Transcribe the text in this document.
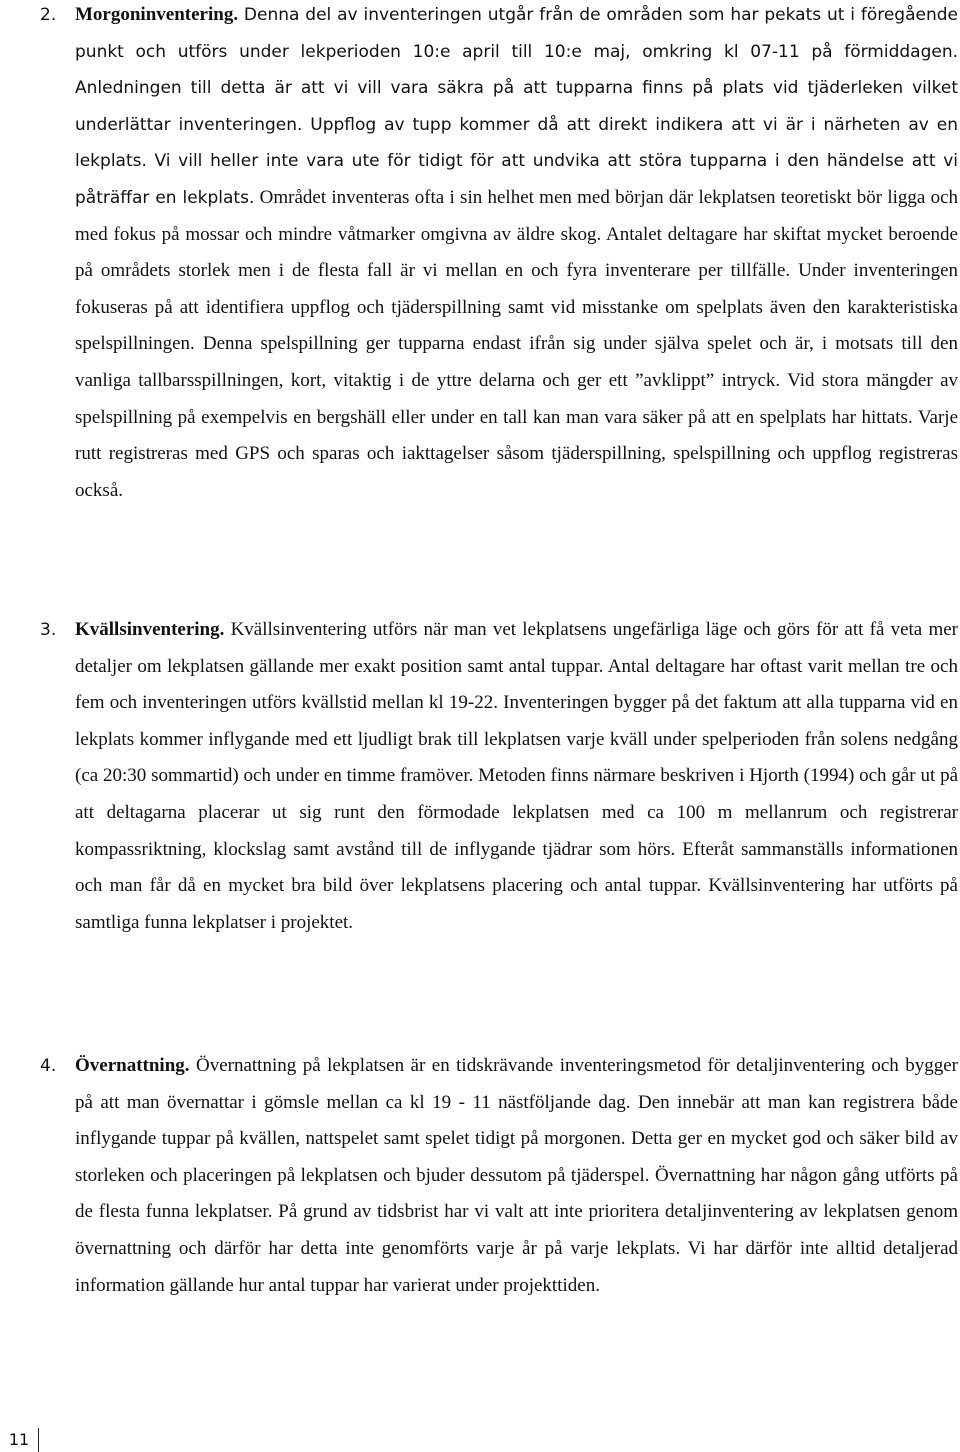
2. Morgoninventering. Denna del av inventeringen utgår från de områden som har pekats ut i föregående punkt och utförs under lekperioden 10:e april till 10:e maj, omkring kl 07-11 på förmiddagen. Anledningen till detta är att vi vill vara säkra på att tupparna finns på plats vid tjäderleken vilket underlättar inventeringen. Uppflog av tupp kommer då att direkt indikera att vi är i närheten av en lekplats. Vi vill heller inte vara ute för tidigt för att undvika att störa tupparna i den händelse att vi påträffar en lekplats. Området inventeras ofta i sin helhet men med början där lekplatsen teoretiskt bör ligga och med fokus på mossar och mindre våtmarker omgivna av äldre skog. Antalet deltagare har skiftat mycket beroende på områdets storlek men i de flesta fall är vi mellan en och fyra inventerare per tillfälle. Under inventeringen fokuseras på att identifiera uppflog och tjäderspillning samt vid misstanke om spelplats även den karakteristiska spelspillningen. Denna spelspillning ger tupparna endast ifrån sig under själva spelet och är, i motsats till den vanliga tallbarsspillningen, kort, vitaktig i de yttre delarna och ger ett ”avklippt” intryck. Vid stora mängder av spelspillning på exempelvis en bergshäll eller under en tall kan man vara säker på att en spelplats har hittats. Varje rutt registreras med GPS och sparas och iakttagelser såsom tjäderspillning, spelspillning och uppflog registreras också.
3. Kvällsinventering. Kvällsinventering utförs när man vet lekplatsens ungefärliga läge och görs för att få veta mer detaljer om lekplatsen gällande mer exakt position samt antal tuppar. Antal deltagare har oftast varit mellan tre och fem och inventeringen utförs kvällstid mellan kl 19-22. Inventeringen bygger på det faktum att alla tupparna vid en lekplats kommer inflygande med ett ljudligt brak till lekplatsen varje kväll under spelperioden från solens nedgång (ca 20:30 sommartid) och under en timme framöver. Metoden finns närmare beskriven i Hjorth (1994) och går ut på att deltagarna placerar ut sig runt den förmodade lekplatsen med ca 100 m mellanrum och registrerar kompassriktning, klockslag samt avstånd till de inflygande tjädrar som hörs. Efteråt sammanställs informationen och man får då en mycket bra bild över lekplatsens placering och antal tuppar. Kvällsinventering har utförts på samtliga funna lekplatser i projektet.
4. Övernattning. Övernattning på lekplatsen är en tidskrävande inventeringsmetod för detaljinventering och bygger på att man övernattar i gömsle mellan ca kl 19 - 11 nästföljande dag. Den innebär att man kan registrera både inflygande tuppar på kvällen, nattspelet samt spelet tidigt på morgonen. Detta ger en mycket god och säker bild av storleken och placeringen på lekplatsen och bjuder dessutom på tjäderspel. Övernattning har någon gång utförts på de flesta funna lekplatser. På grund av tidsbrist har vi valt att inte prioritera detaljinventering av lekplatsen genom övernattning och därför har detta inte genomförts varje år på varje lekplats. Vi har därför inte alltid detaljerad information gällande hur antal tuppar har varierat under projekttiden.
11
